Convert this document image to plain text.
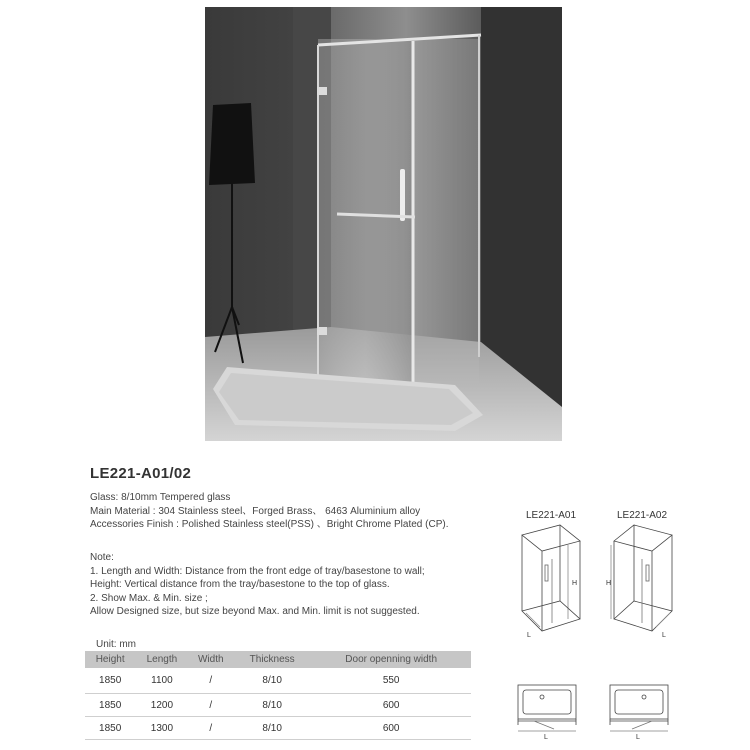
LE221-A01/02
Glass: 8/10mm Tempered glass
Main Material : 304 Stainless steel、Forged Brass、 6463 Aluminium alloy
Accessories Finish : Polished Stainless steel(PSS) 、Bright Chrome Plated (CP).
Note:
1. Length and Width: Distance from the front edge of tray/basestone to wall;
Height: Vertical distance from the tray/basestone to the top of glass.
2. Show Max. & Min. size ;
Allow Designed size, but size beyond Max. and Min. limit is not suggested.
Unit: mm
Height	Length	Width	Thickness	Door openning width
1850	1100	/	8/10	550
1850	1200	/	8/10	600
1850	1300	/	8/10	600
LE221-A01	LE221-A02
H
L
H
L
L	L
